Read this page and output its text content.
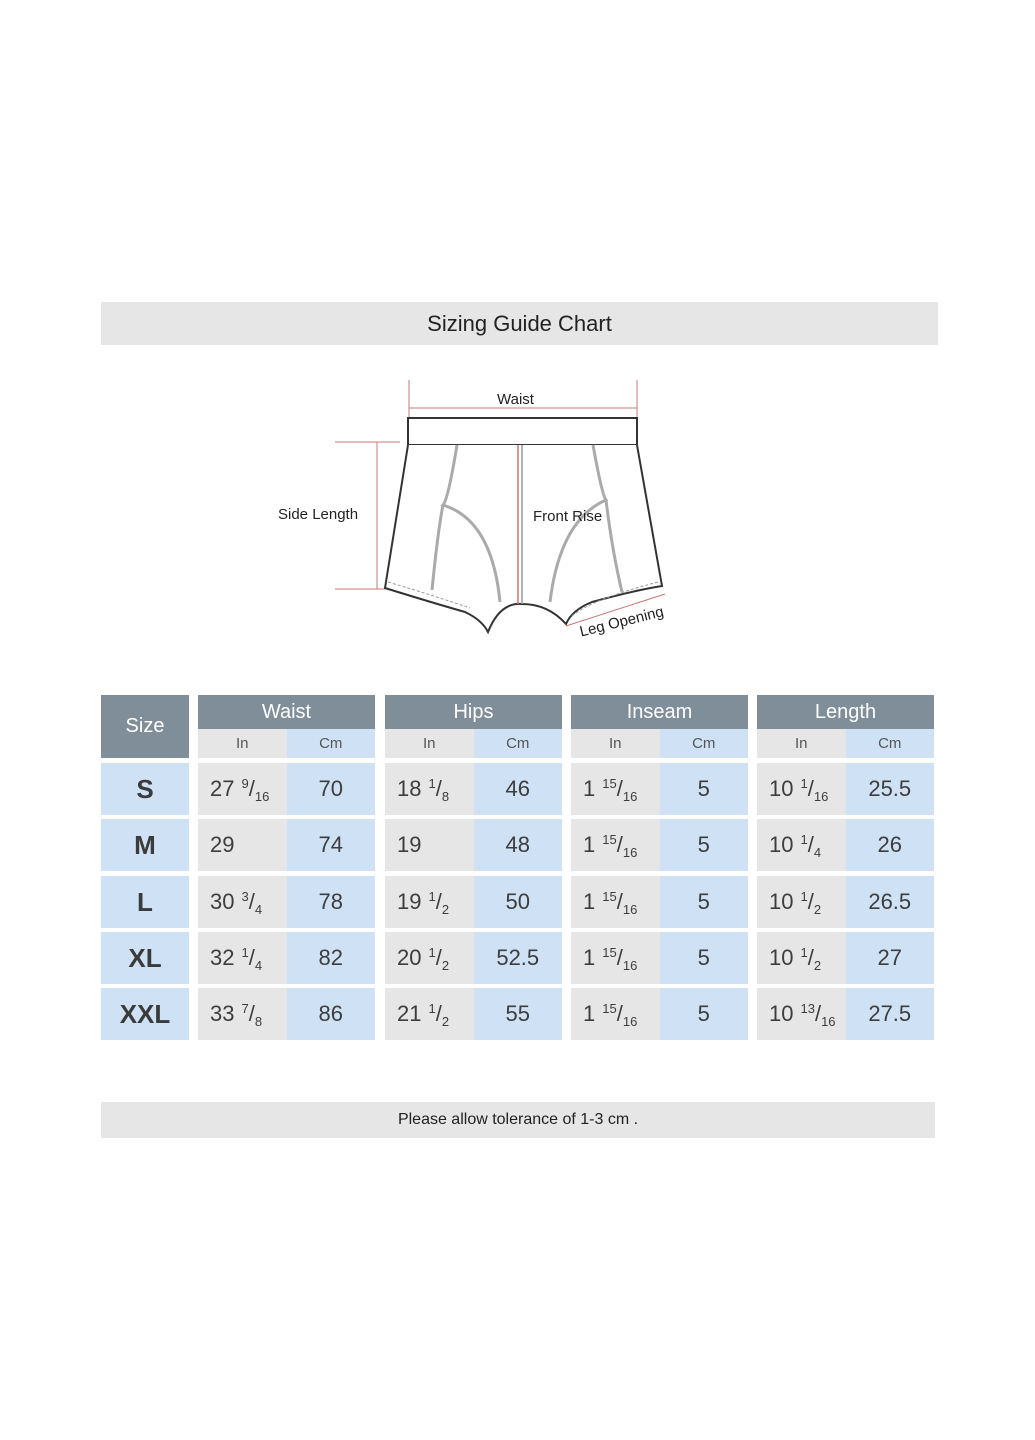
Sizing Guide Chart
Waist
Side Length	Front Rise
Leg Opening
Size
Waist
In	Cm
Hips
In	Cm
Inseam
In	Cm
Length
In	Cm
S	27 9 / 16	70	18 1 / 8	46	1 15 / 16	5	10 1 / 16	25.5
M	29	74	19	48	1 15 / 16	5	10 1 / 4	26
L	30 3 / 4	78	19 1 / 2	50	1 15 / 16	5	10 1 / 2	26.5
XL	32 1 / 4	82	20 1 / 2	52.5	1 15 / 16	5	10 1 / 2	27
XXL	33 7 / 8	86	21 1 / 2	55	1 15 / 16	5	10 13 / 16	27.5
Please allow tolerance of 1-3 cm .
